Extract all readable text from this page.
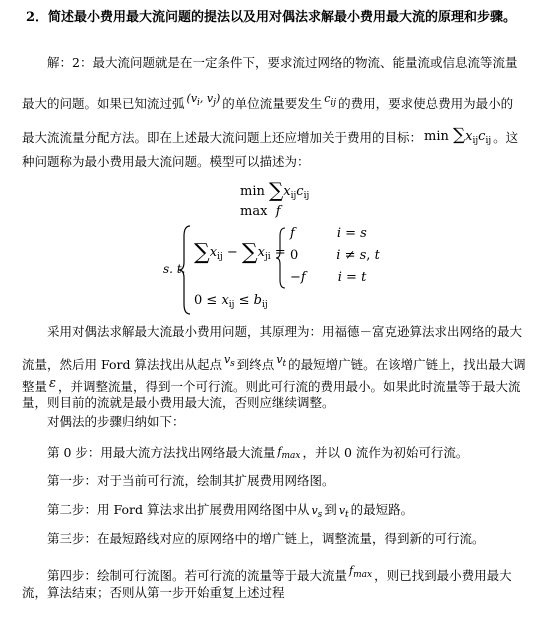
2．简述最小费用最大流问题的提法以及用对偶法求解最小费用最大流的原理和步骤。
解：2：最大流问题就是在一定条件下，要求流过网络的物流、能量流或信息流等流量
最大的问题。如果已知流过弧 ($v_i$, $v_j$) 的单位流量要发生 $c_{ij}$ 的费用，要求使总费用为最小的
最大流流量分配方法。即在上述最大流问题上还应增加关于费用的目标： $\min \sum x_{ij}c_{ij}$ 。这
种问题称为最小费用最大流问题。模型可以描述为：
$\min \sum x_{ij}c_{ij}$
max  f
s. t.
$\sum x_{ij} - \sum x_{ji}$ =
f	i = s
0	i ≠ s, t
−f i = t
$0 \le x_{ij} \le b_{ij}$
采用对偶法求解最大流最小费用问题，其原理为：用福德－富克逊算法求出网络的最大
流量，然后用 Ford 算法找出从起点 $v_s$ 到终点 $v_t$ 的最短增广链。在该增广链上，找出最大调
整量 ε ，并调整流量，得到一个可行流。则此可行流的费用最小。如果此时流量等于最大流
量，则目前的流就是最小费用最大流，否则应继续调整。
对偶法的步骤归纳如下：
第 0 步：用最大流方法找出网络最大流量 $f_{max}$ ，并以 0 流作为初始可行流。
第一步：对于当前可行流，绘制其扩展费用网络图。
第二步：用 Ford 算法求出扩展费用网络图中从 $v_s$ 到 $v_t$ 的最短路。
第三步：在最短路线对应的原网络中的增广链上，调整流量，得到新的可行流。
第四步：绘制可行流图。若可行流的流量等于最大流量 $f_{max}$ ，则已找到最小费用最大
流，算法结束；否则从第一步开始重复上述过程
